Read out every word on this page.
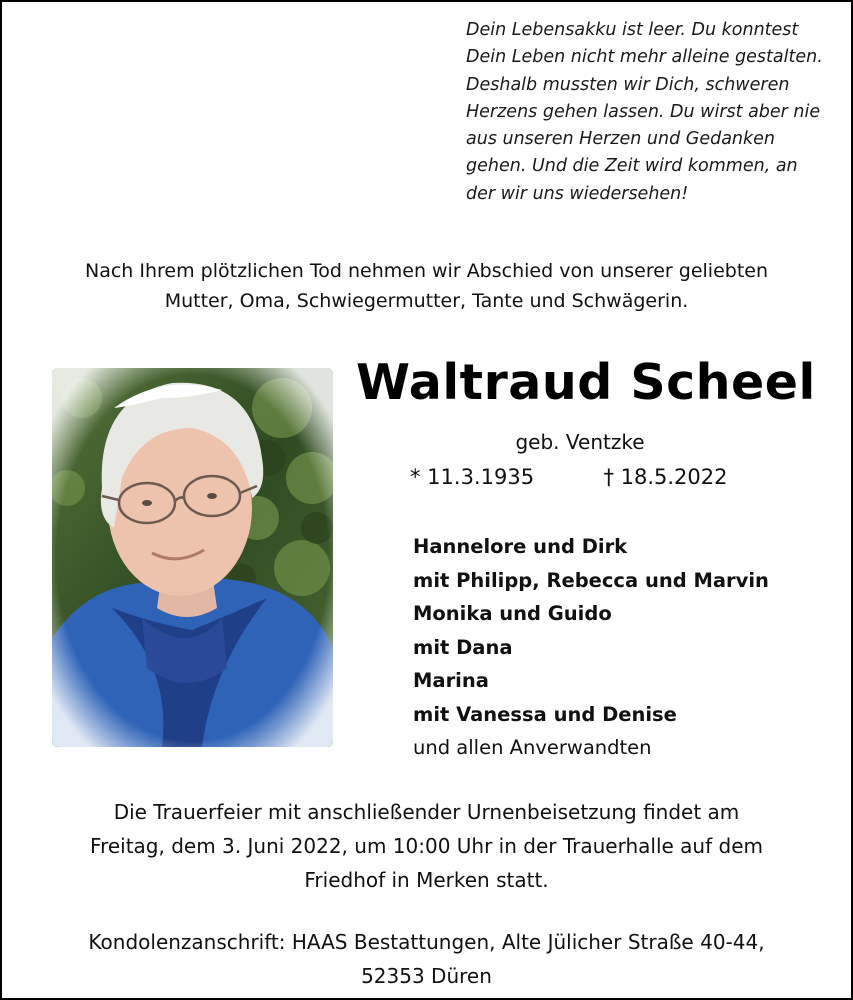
Dein Lebensakku ist leer. Du konntest
Dein Leben nicht mehr alleine gestalten.
Deshalb mussten wir Dich, schweren
Herzens gehen lassen. Du wirst aber nie
aus unseren Herzen und Gedanken
gehen. Und die Zeit wird kommen, an
der wir uns wiedersehen!
Nach Ihrem plötzlichen Tod nehmen wir Abschied von unserer geliebten
Mutter, Oma, Schwiegermutter, Tante und Schwägerin.
Waltraud Scheel
geb. Ventzke
* 11.3.1935	† 18.5.2022
Hannelore und Dirk
mit Philipp, Rebecca und Marvin
Monika und Guido
mit Dana
Marina
mit Vanessa und Denise
und allen Anverwandten
Die Trauerfeier mit anschließender Urnenbeisetzung findet am
Freitag, dem 3. Juni 2022, um 10:00 Uhr in der Trauerhalle auf dem
Friedhof in Merken statt.
Kondolenzanschrift: HAAS Bestattungen, Alte Jülicher Straße 40-44,
52353 Düren
